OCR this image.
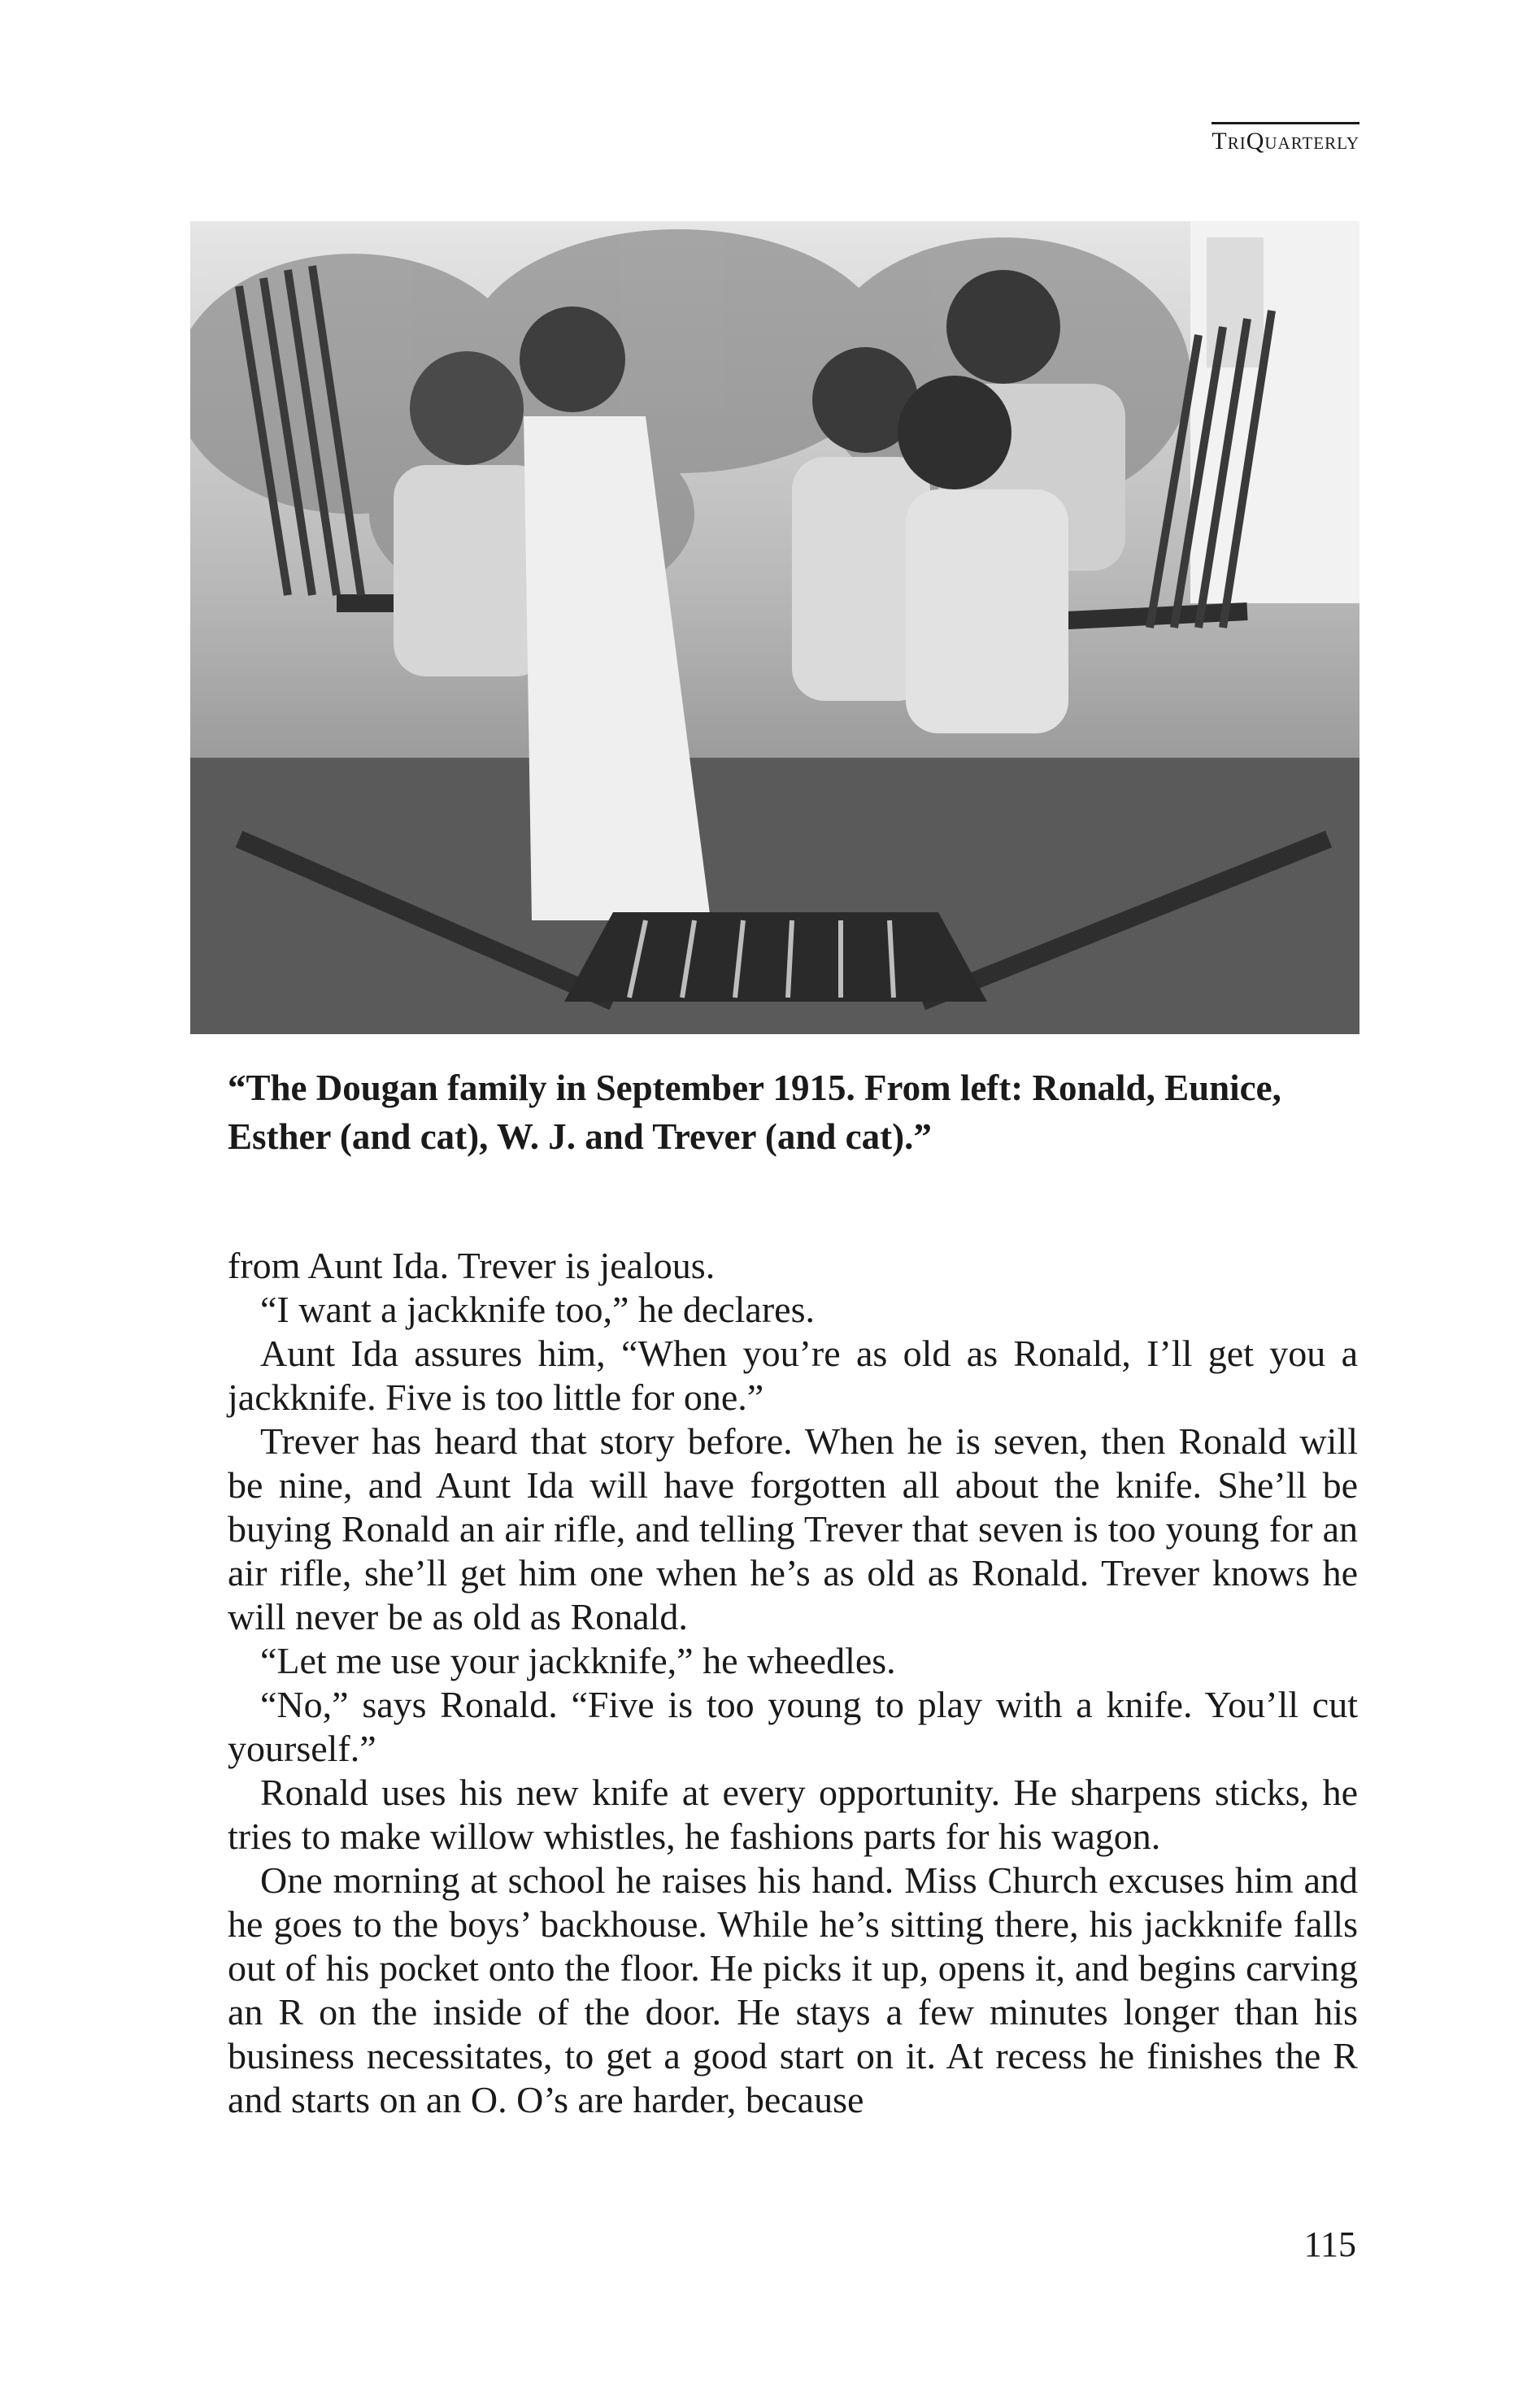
TriQuarterly
“The Dougan family in September 1915. From left: Ronald, Eunice, Esther (and cat), W. J. and Trever (and cat).”

from Aunt Ida. Trever is jealous.

“I want a jackknife too,” he declares.

Aunt Ida assures him, “When you’re as old as Ronald, I’ll get you a jackknife. Five is too little for one.”

Trever has heard that story before. When he is seven, then Ronald will be nine, and Aunt Ida will have forgotten all about the knife. She’ll be buying Ronald an air rifle, and telling Trever that seven is too young for an air rifle, she’ll get him one when he’s as old as Ronald. Trever knows he will never be as old as Ronald.

“Let me use your jackknife,” he wheedles.

“No,” says Ronald. “Five is too young to play with a knife. You’ll cut yourself.”

Ronald uses his new knife at every opportunity. He sharpens sticks, he tries to make willow whistles, he fashions parts for his wagon.

One morning at school he raises his hand. Miss Church excuses him and he goes to the boys’ backhouse. While he’s sitting there, his jackknife falls out of his pocket onto the floor. He picks it up, opens it, and begins carving an R on the inside of the door. He stays a few minutes longer than his business necessitates, to get a good start on it. At recess he finishes the R and starts on an O. O’s are harder, because

115
